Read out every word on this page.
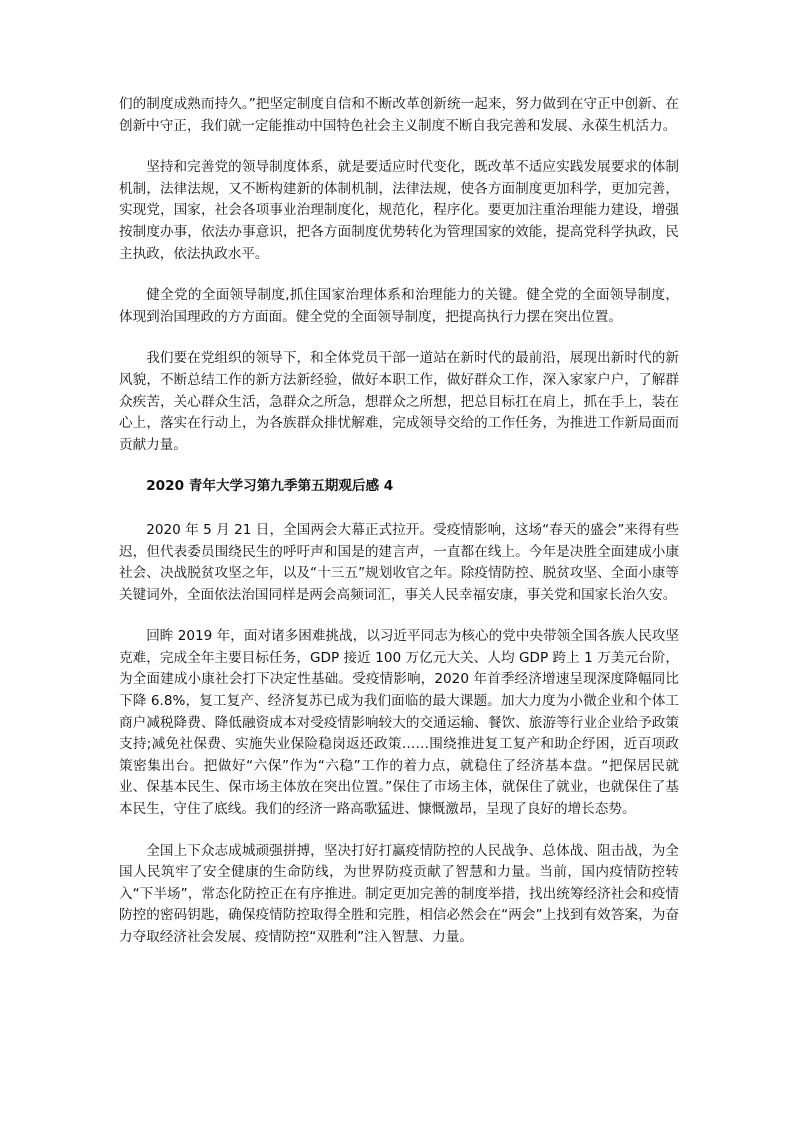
们的制度成熟而持久。”把坚定制度自信和不断改革创新统一起来，努力做到在守正中创新、在创新中守正，我们就一定能推动中国特色社会主义制度不断自我完善和发展、永葆生机活力。

坚持和完善党的领导制度体系，就是要适应时代变化，既改革不适应实践发展要求的体制机制，法律法规，又不断构建新的体制机制，法律法规，使各方面制度更加科学，更加完善，实现党，国家，社会各项事业治理制度化，规范化，程序化。要更加注重治理能力建设，增强按制度办事，依法办事意识，把各方面制度优势转化为管理国家的效能，提高党科学执政，民主执政，依法执政水平。

健全党的全面领导制度,抓住国家治理体系和治理能力的关键。健全党的全面领导制度，体现到治国理政的方方面面。健全党的全面领导制度，把提高执行力摆在突出位置。

我们要在党组织的领导下，和全体党员干部一道站在新时代的最前沿，展现出新时代的新风貌，不断总结工作的新方法新经验，做好本职工作，做好群众工作，深入家家户户，了解群众疾苦，关心群众生活，急群众之所急，想群众之所想，把总目标扛在肩上，抓在手上，装在心上，落实在行动上，为各族群众排忧解难，完成领导交给的工作任务，为推进工作新局面而贡献力量。

2020 青年大学习第九季第五期观后感 4

2020 年 5 月 21 日，全国两会大幕正式拉开。受疫情影响，这场“春天的盛会”来得有些迟，但代表委员围绕民生的呼吁声和国是的建言声，一直都在线上。今年是决胜全面建成小康社会、决战脱贫攻坚之年，以及“十三五”规划收官之年。除疫情防控、脱贫攻坚、全面小康等关键词外，全面依法治国同样是两会高频词汇，事关人民幸福安康，事关党和国家长治久安。

回眸 2019 年，面对诸多困难挑战，以习近平同志为核心的党中央带领全国各族人民攻坚克难，完成全年主要目标任务，GDP 接近 100 万亿元大关、人均 GDP 跨上 1 万美元台阶，为全面建成小康社会打下决定性基础。受疫情影响，2020 年首季经济增速呈现深度降幅同比下降 6.8%，复工复产、经济复苏已成为我们面临的最大课题。加大力度为小微企业和个体工商户减税降费、降低融资成本对受疫情影响较大的交通运输、餐饮、旅游等行业企业给予政策支持;减免社保费、实施失业保险稳岗返还政策……围绕推进复工复产和助企纾困，近百项政策密集出台。把做好“六保”作为“六稳”工作的着力点，就稳住了经济基本盘。“把保居民就业、保基本民生、保市场主体放在突出位置。”保住了市场主体，就保住了就业，也就保住了基本民生，守住了底线。我们的经济一路高歌猛进、慷慨激昂，呈现了良好的增长态势。

全国上下众志成城顽强拼搏，坚决打好打赢疫情防控的人民战争、总体战、阻击战，为全国人民筑牢了安全健康的生命防线，为世界防疫贡献了智慧和力量。当前，国内疫情防控转入“下半场”，常态化防控正在有序推进。制定更加完善的制度举措，找出统筹经济社会和疫情防控的密码钥匙，确保疫情防控取得全胜和完胜，相信必然会在“两会”上找到有效答案，为奋力夺取经济社会发展、疫情防控“双胜利”注入智慧、力量。
